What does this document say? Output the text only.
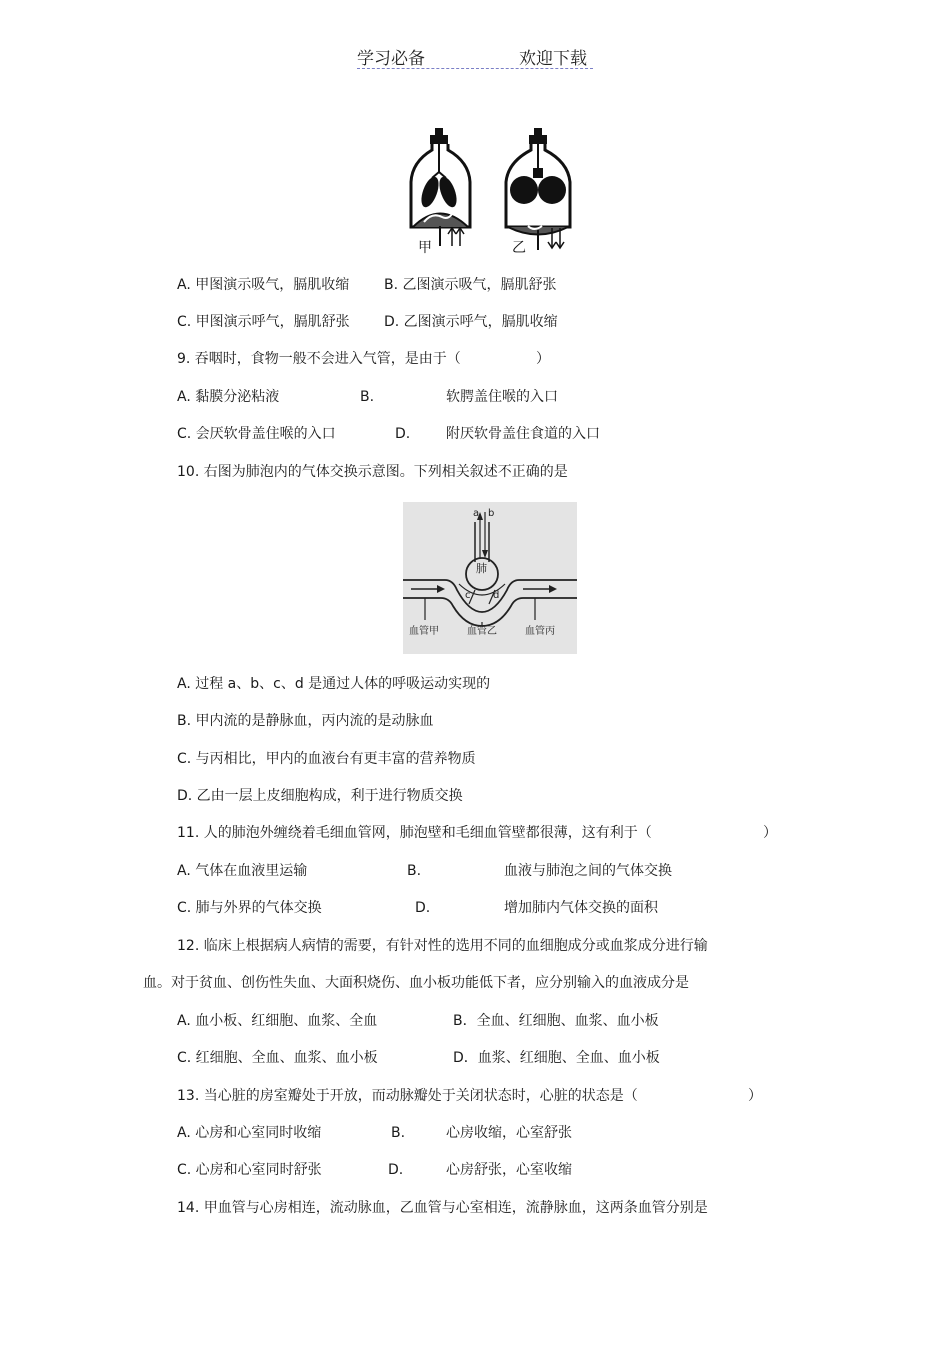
学习必备	欢迎下载
甲	乙
A. 甲图演示吸气，膈肌收缩 B. 乙图演示吸气，膈肌舒张
C. 甲图演示呼气，膈肌舒张 D. 乙图演示呼气，膈肌收缩
9. 吞咽时，食物一般不会进入气管，是由于（	）
A. 黏膜分泌粘液	B.	软腭盖住喉的入口
C. 会厌软骨盖住喉的入口	D.	附厌软骨盖住食道的入口
10. 右图为肺泡内的气体交换示意图。下列相关叙述不正确的是
a b
肺
c d
血管甲	血管乙	血管丙
A. 过程 a、b、c、d 是通过人体的呼吸运动实现的
B. 甲内流的是静脉血，丙内流的是动脉血
C. 与丙相比，甲内的血液台有更丰富的营养物质
D. 乙由一层上皮细胞构成，利于进行物质交换
11. 人的肺泡外缠绕着毛细血管网，肺泡壁和毛细血管壁都很薄，这有利于（	）
A. 气体在血液里运输	B.	血液与肺泡之间的气体交换
C. 肺与外界的气体交换	D.	增加肺内气体交换的面积
12. 临床上根据病人病情的需要，有针对性的选用不同的血细胞成分或血浆成分进行输
血。对于贫血、创伤性失血、大面积烧伤、血小板功能低下者，应分别输入的血液成分是
A. 血小板、红细胞、血浆、全血	B．全血、红细胞、血浆、血小板
C. 红细胞、全血、血浆、血小板	D．血浆、红细胞、全血、血小板
13. 当心脏的房室瓣处于开放，而动脉瓣处于关闭状态时，心脏的状态是（	）
A. 心房和心室同时收缩	B.	心房收缩，心室舒张
C. 心房和心室同时舒张	D.	心房舒张，心室收缩
14. 甲血管与心房相连，流动脉血，乙血管与心室相连，流静脉血，这两条血管分别是
